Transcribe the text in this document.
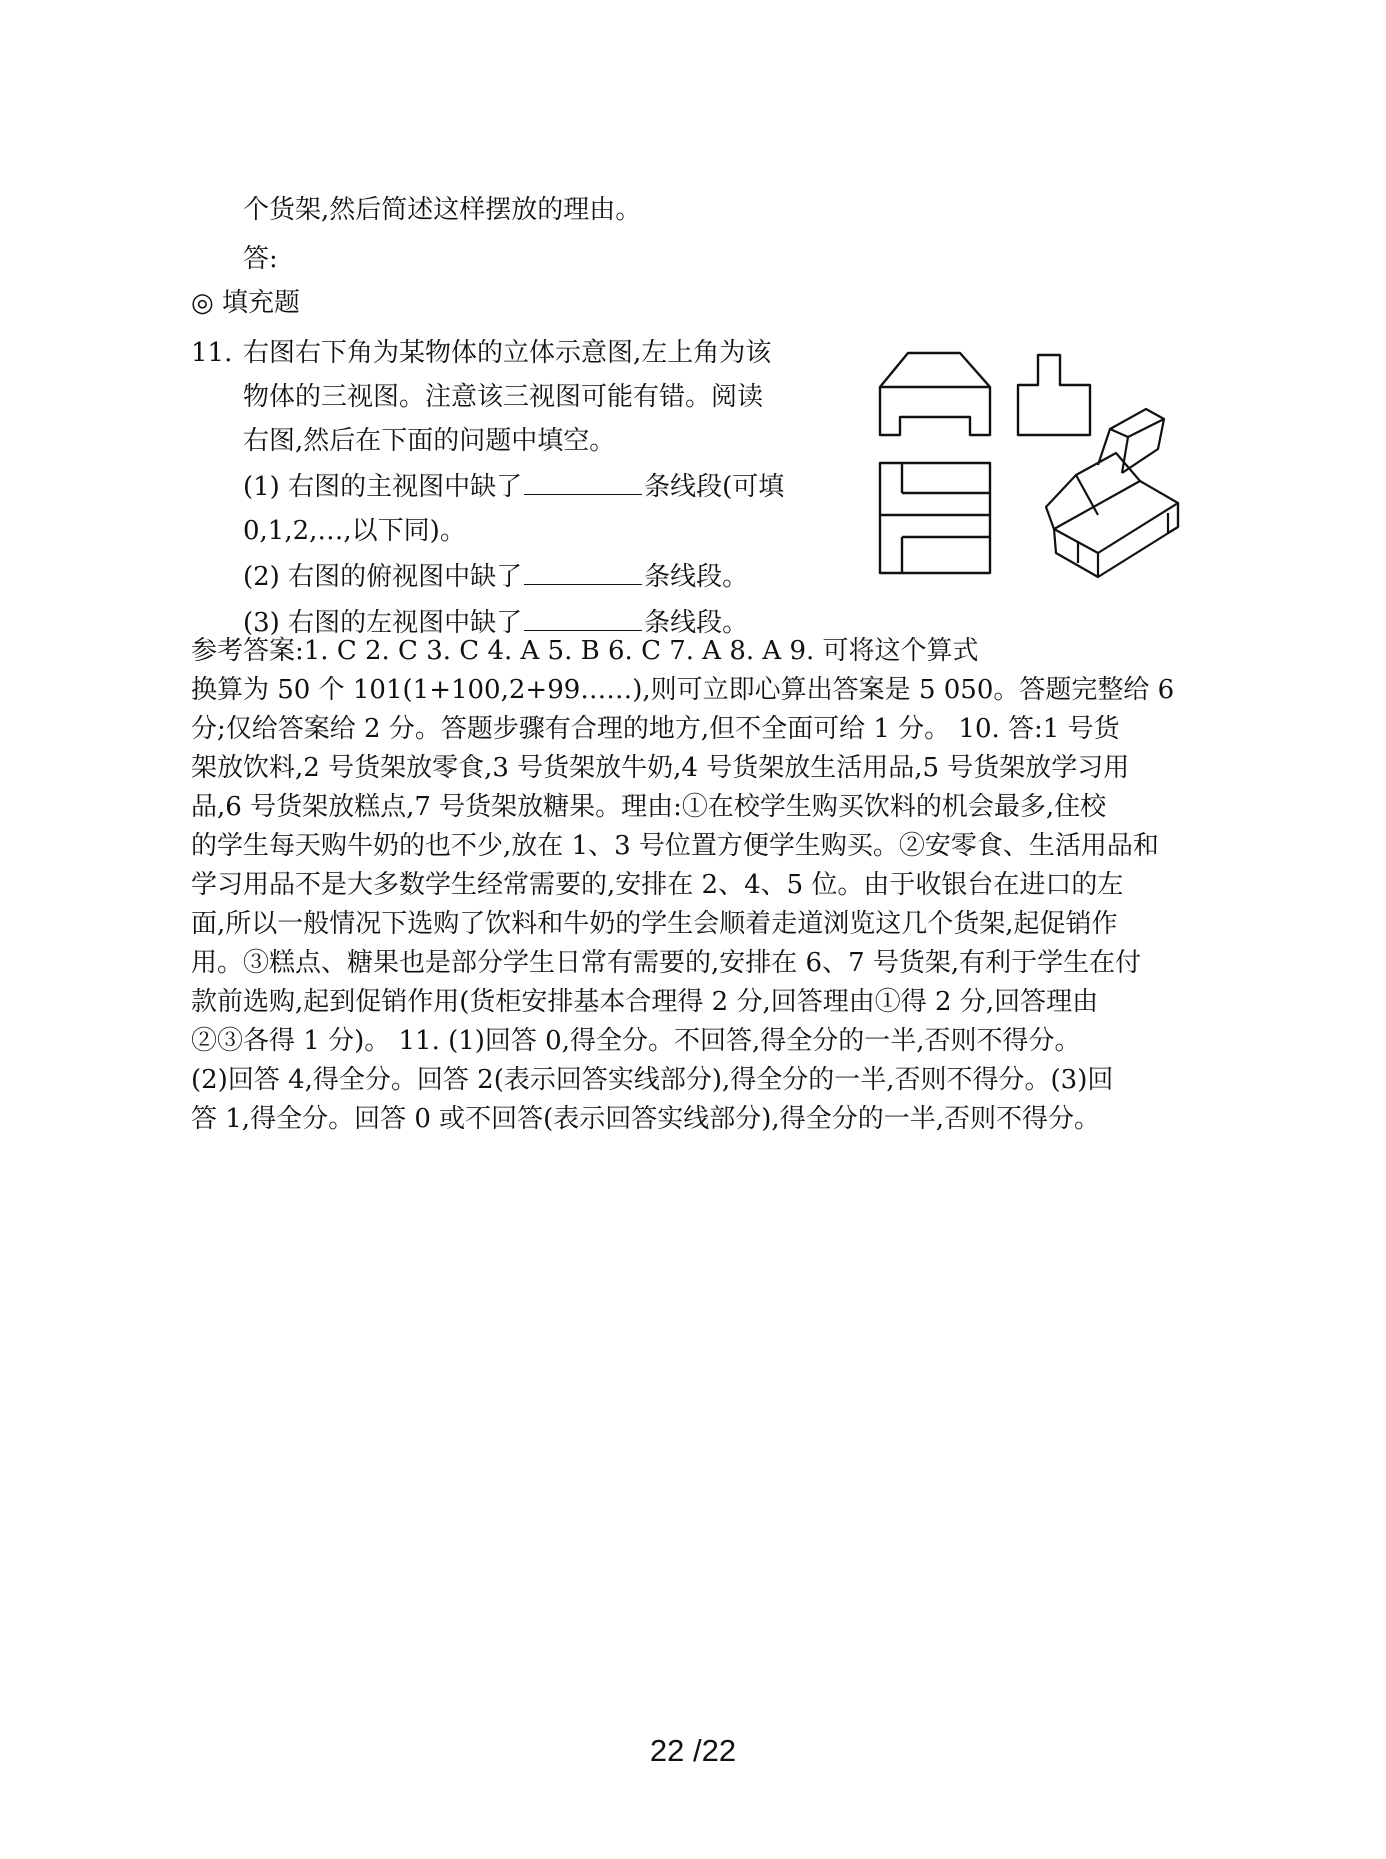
个货架,然后简述这样摆放的理由。
答:
◎ 填充题
11. 右图右下角为某物体的立体示意图,左上角为该
物体的三视图。注意该三视图可能有错。阅读
右图,然后在下面的问题中填空。
(1) 右图的主视图中缺了	条线段(可填
0,1,2,…,以下同)。
(2) 右图的俯视图中缺了	条线段。
(3) 右图的左视图中缺了	条线段。

参考答案:1. C 2. C 3. C 4. A 5. B 6. C 7. A 8. A 9. 可将这个算式

换算为 50 个 101(1+100,2+99……),则可立即心算出答案是 5 050。答题完整给 6

分;仅给答案给 2 分。答题步骤有合理的地方,但不全面可给 1 分。 10. 答:1 号货

架放饮料,2 号货架放零食,3 号货架放牛奶,4 号货架放生活用品,5 号货架放学习用

品,6 号货架放糕点,7 号货架放糖果。理由:①在校学生购买饮料的机会最多,住校

的学生每天购牛奶的也不少,放在 1、3 号位置方便学生购买。②安零食、生活用品和

学习用品不是大多数学生经常需要的,安排在 2、4、5 位。由于收银台在进口的左

面,所以一般情况下选购了饮料和牛奶的学生会顺着走道浏览这几个货架,起促销作

用。③糕点、糖果也是部分学生日常有需要的,安排在 6、7 号货架,有利于学生在付

款前选购,起到促销作用(货柜安排基本合理得 2 分,回答理由①得 2 分,回答理由

②③各得 1 分)。 11. (1)回答 0,得全分。不回答,得全分的一半,否则不得分。

(2)回答 4,得全分。回答 2(表示回答实线部分),得全分的一半,否则不得分。(3)回

答 1,得全分。回答 0 或不回答(表示回答实线部分),得全分的一半,否则不得分。

22 /22
